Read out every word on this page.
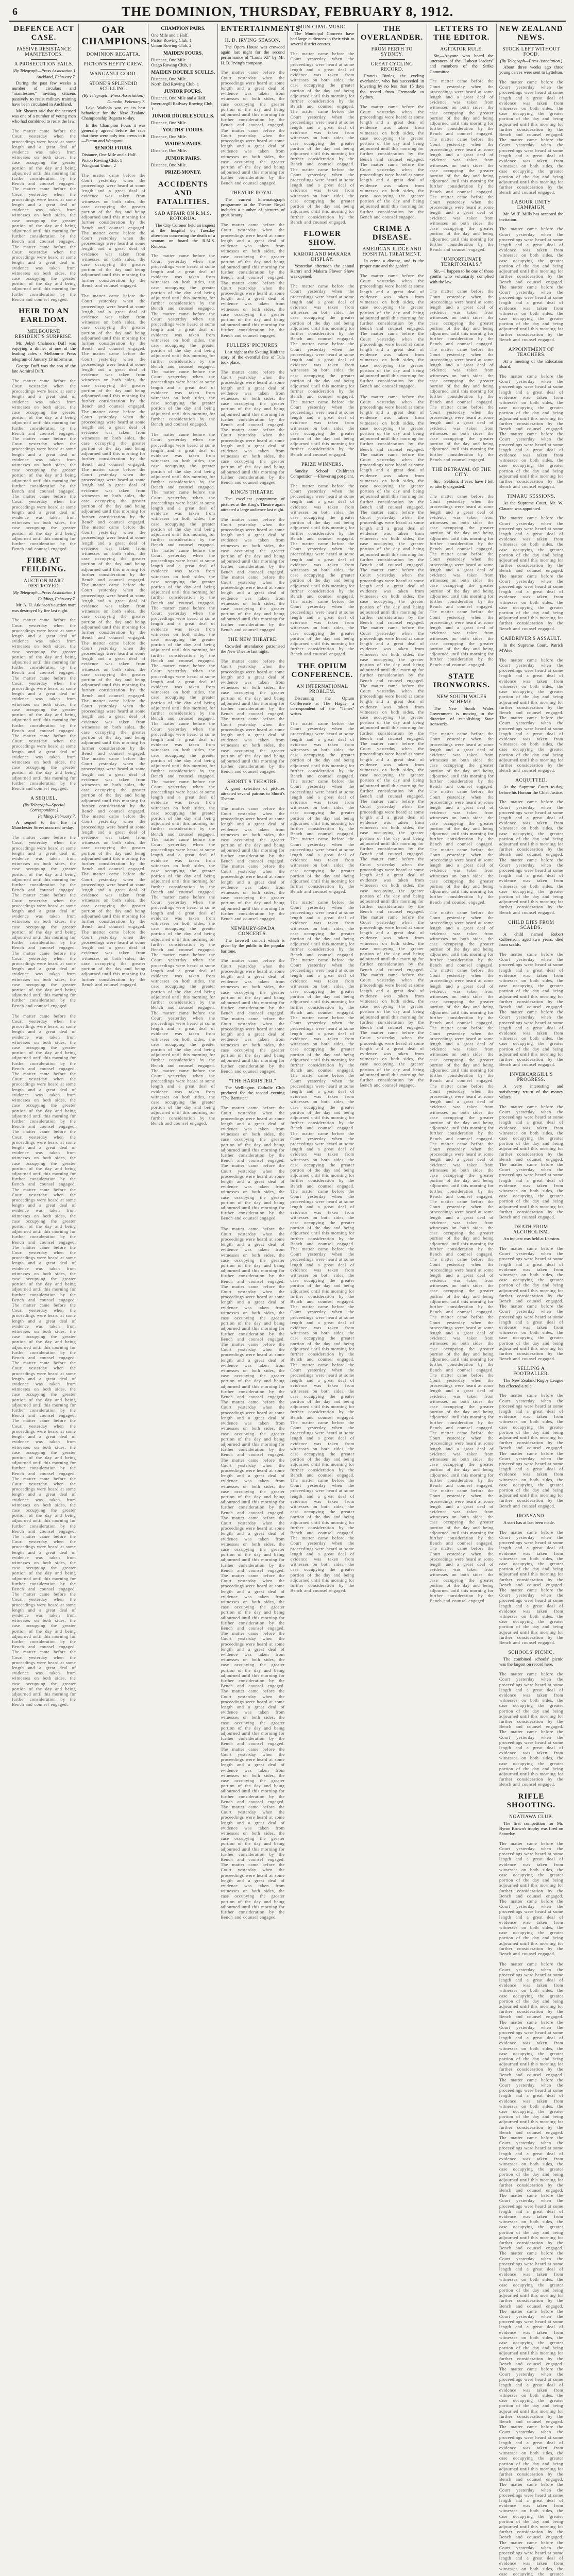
6	THE DOMINION, THURSDAY, FEBRUARY 8, 1912.
DEFENCE ACT CASE.
PASSIVE RESISTANCE MANIFESTOES.
A PROSECUTION FAILS.
(By Telegraph—Press Association.)
Auckland, February 7.

During the past few weeks a number of circulars and "manifestoes" inviting citizens passively to resist military training have been circulated in Auckland.

Mr. Shearer said that the accused was one of a number of young men who had combined to resist the law.

The matter came before the Court yesterday when the proceedings were heard at some length and a great deal of evidence was taken from witnesses on both sides, the case occupying the greater portion of the day and being adjourned until this morning for further consideration by the Bench and counsel engaged. The matter came before the Court yesterday when the proceedings were heard at some length and a great deal of evidence was taken from witnesses on both sides, the case occupying the greater portion of the day and being adjourned until this morning for further consideration by the Bench and counsel engaged. The matter came before the Court yesterday when the proceedings were heard at some length and a great deal of evidence was taken from witnesses on both sides, the case occupying the greater portion of the day and being adjourned until this morning for further consideration by the Bench and counsel engaged.

HEIR TO AN EARLDOM.
MELBOURNE RESIDENT'S SURPRISE.

Mr. Jekyl Chalmers Duff was enjoying a dinner at one of the leading cafes a Melbourne Press telegram of January 13 informs us.

George Duff was the son of the late Admiral Duff.

The matter came before the Court yesterday when the proceedings were heard at some length and a great deal of evidence was taken from witnesses on both sides, the case occupying the greater portion of the day and being adjourned until this morning for further consideration by the Bench and counsel engaged. The matter came before the Court yesterday when the proceedings were heard at some length and a great deal of evidence was taken from witnesses on both sides, the case occupying the greater portion of the day and being adjourned until this morning for further consideration by the Bench and counsel engaged. The matter came before the Court yesterday when the proceedings were heard at some length and a great deal of evidence was taken from witnesses on both sides, the case occupying the greater portion of the day and being adjourned until this morning for further consideration by the Bench and counsel engaged.

FIRE AT FEILDING.
AUCTION MART DESTROYED.
(By Telegraph—Press Association.)
Feilding, February 7.

Mr. A. H. Atkinson's auction mart was destroyed by fire last night.

The matter came before the Court yesterday when the proceedings were heard at some length and a great deal of evidence was taken from witnesses on both sides, the case occupying the greater portion of the day and being adjourned until this morning for further consideration by the Bench and counsel engaged. The matter came before the Court yesterday when the proceedings were heard at some length and a great deal of evidence was taken from witnesses on both sides, the case occupying the greater portion of the day and being adjourned until this morning for further consideration by the Bench and counsel engaged. The matter came before the Court yesterday when the proceedings were heard at some length and a great deal of evidence was taken from witnesses on both sides, the case occupying the greater portion of the day and being adjourned until this morning for further consideration by the Bench and counsel engaged.

A SEQUEL.
(By Telegraph—Special Correspondent.)
Feilding, February 7.

A sequel to the fire in Manchester Street occurred to-day.

The matter came before the Court yesterday when the proceedings were heard at some length and a great deal of evidence was taken from witnesses on both sides, the case occupying the greater portion of the day and being adjourned until this morning for further consideration by the Bench and counsel engaged. The matter came before the Court yesterday when the proceedings were heard at some length and a great deal of evidence was taken from witnesses on both sides, the case occupying the greater portion of the day and being adjourned until this morning for further consideration by the Bench and counsel engaged. The matter came before the Court yesterday when the proceedings were heard at some length and a great deal of evidence was taken from witnesses on both sides, the case occupying the greater portion of the day and being adjourned until this morning for further consideration by the Bench and counsel engaged.

The matter came before the Court yesterday when the proceedings were heard at some length and a great deal of evidence was taken from witnesses on both sides, the case occupying the greater portion of the day and being adjourned until this morning for further consideration by the Bench and counsel engaged. The matter came before the Court yesterday when the proceedings were heard at some length and a great deal of evidence was taken from witnesses on both sides, the case occupying the greater portion of the day and being adjourned until this morning for further consideration by the Bench and counsel engaged. The matter came before the Court yesterday when the proceedings were heard at some length and a great deal of evidence was taken from witnesses on both sides, the case occupying the greater portion of the day and being adjourned until this morning for further consideration by the Bench and counsel engaged. The matter came before the Court yesterday when the proceedings were heard at some length and a great deal of evidence was taken from witnesses on both sides, the case occupying the greater portion of the day and being adjourned until this morning for further consideration by the Bench and counsel engaged. The matter came before the Court yesterday when the proceedings were heard at some length and a great deal of evidence was taken from witnesses on both sides, the case occupying the greater portion of the day and being adjourned until this morning for further consideration by the Bench and counsel engaged. The matter came before the Court yesterday when the proceedings were heard at some length and a great deal of evidence was taken from witnesses on both sides, the case occupying the greater portion of the day and being adjourned until this morning for further consideration by the Bench and counsel engaged. The matter came before the Court yesterday when the proceedings were heard at some length and a great deal of evidence was taken from witnesses on both sides, the case occupying the greater portion of the day and being adjourned until this morning for further consideration by the Bench and counsel engaged. The matter came before the Court yesterday when the proceedings were heard at some length and a great deal of evidence was taken from witnesses on both sides, the case occupying the greater portion of the day and being adjourned until this morning for further consideration by the Bench and counsel engaged. The matter came before the Court yesterday when the proceedings were heard at some length and a great deal of evidence was taken from witnesses on both sides, the case occupying the greater portion of the day and being adjourned until this morning for further consideration by the Bench and counsel engaged. The matter came before the Court yesterday when the proceedings were heard at some length and a great deal of evidence was taken from witnesses on both sides, the case occupying the greater portion of the day and being adjourned until this morning for further consideration by the Bench and counsel engaged. The matter came before the Court yesterday when the proceedings were heard at some length and a great deal of evidence was taken from witnesses on both sides, the case occupying the greater portion of the day and being adjourned until this morning for further consideration by the Bench and counsel engaged. The matter came before the Court yesterday when the proceedings were heard at some length and a great deal of evidence was taken from witnesses on both sides, the case occupying the greater portion of the day and being adjourned until this morning for further consideration by the Bench and counsel engaged.

OAR CHAMPIONS.
DOMINION REGATTA.
PICTON'S HEFTY CREW.
WANGANUI GOOD.
STONE'S SPLENDID SCULLING.
(By Telegraph—Press Association.)
Dunedin, February 7.

Lake Waihola was on its best behaviour for the New Zealand Championship Regatta to-day.

In the Champion Fours it was generally agreed before the race that there were only two crews in it—Picton and Wanganui.

SENIOR FOURS.
Distance, One Mile and a Half.
Picton Rowing Club, 1
Wanganui Union, 2

The matter came before the Court yesterday when the proceedings were heard at some length and a great deal of evidence was taken from witnesses on both sides, the case occupying the greater portion of the day and being adjourned until this morning for further consideration by the Bench and counsel engaged. The matter came before the Court yesterday when the proceedings were heard at some length and a great deal of evidence was taken from witnesses on both sides, the case occupying the greater portion of the day and being adjourned until this morning for further consideration by the Bench and counsel engaged.

The matter came before the Court yesterday when the proceedings were heard at some length and a great deal of evidence was taken from witnesses on both sides, the case occupying the greater portion of the day and being adjourned until this morning for further consideration by the Bench and counsel engaged. The matter came before the Court yesterday when the proceedings were heard at some length and a great deal of evidence was taken from witnesses on both sides, the case occupying the greater portion of the day and being adjourned until this morning for further consideration by the Bench and counsel engaged. The matter came before the Court yesterday when the proceedings were heard at some length and a great deal of evidence was taken from witnesses on both sides, the case occupying the greater portion of the day and being adjourned until this morning for further consideration by the Bench and counsel engaged. The matter came before the Court yesterday when the proceedings were heard at some length and a great deal of evidence was taken from witnesses on both sides, the case occupying the greater portion of the day and being adjourned until this morning for further consideration by the Bench and counsel engaged. The matter came before the Court yesterday when the proceedings were heard at some length and a great deal of evidence was taken from witnesses on both sides, the case occupying the greater portion of the day and being adjourned until this morning for further consideration by the Bench and counsel engaged. The matter came before the Court yesterday when the proceedings were heard at some length and a great deal of evidence was taken from witnesses on both sides, the case occupying the greater portion of the day and being adjourned until this morning for further consideration by the Bench and counsel engaged. The matter came before the Court yesterday when the proceedings were heard at some length and a great deal of evidence was taken from witnesses on both sides, the case occupying the greater portion of the day and being adjourned until this morning for further consideration by the Bench and counsel engaged. The matter came before the Court yesterday when the proceedings were heard at some length and a great deal of evidence was taken from witnesses on both sides, the case occupying the greater portion of the day and being adjourned until this morning for further consideration by the Bench and counsel engaged. The matter came before the Court yesterday when the proceedings were heard at some length and a great deal of evidence was taken from witnesses on both sides, the case occupying the greater portion of the day and being adjourned until this morning for further consideration by the Bench and counsel engaged. The matter came before the Court yesterday when the proceedings were heard at some length and a great deal of evidence was taken from witnesses on both sides, the case occupying the greater portion of the day and being adjourned until this morning for further consideration by the Bench and counsel engaged. The matter came before the Court yesterday when the proceedings were heard at some length and a great deal of evidence was taken from witnesses on both sides, the case occupying the greater portion of the day and being adjourned until this morning for further consideration by the Bench and counsel engaged. The matter came before the Court yesterday when the proceedings were heard at some length and a great deal of evidence was taken from witnesses on both sides, the case occupying the greater portion of the day and being adjourned until this morning for further consideration by the Bench and counsel engaged.

CHAMPION PAIRS.
One Mile and a Half.
Picton Rowing Club, 1
Union Rowing Club, 2
MAIDEN FOURS.
Distance, One Mile.
Otago Rowing Club, 1
MAIDEN DOUBLE SCULLS.
Distance, One Mile.
North End Rowing Club, 1
JUNIOR FOURS.
Distance, One Mile and a Half.
Invercargill Railway Rowing Club, 1
JUNIOR DOUBLE SCULLS.
Distance, One Mile.
YOUTHS' FOURS.
Distance, One Mile.
MAIDEN PAIRS.
Distance, One Mile.
JUNIOR PAIRS.
Distance, One Mile.
PRIZE-MONEY.
ACCIDENTS AND FATALITIES.
SAD AFFAIR ON R.M.S. ROTORUA.

The City Coroner held an inquest at the hospital on Tuesday afternoon concerning the death of a seaman on board the R.M.S. Rotorua.

The matter came before the Court yesterday when the proceedings were heard at some length and a great deal of evidence was taken from witnesses on both sides, the case occupying the greater portion of the day and being adjourned until this morning for further consideration by the Bench and counsel engaged. The matter came before the Court yesterday when the proceedings were heard at some length and a great deal of evidence was taken from witnesses on both sides, the case occupying the greater portion of the day and being adjourned until this morning for further consideration by the Bench and counsel engaged. The matter came before the Court yesterday when the proceedings were heard at some length and a great deal of evidence was taken from witnesses on both sides, the case occupying the greater portion of the day and being adjourned until this morning for further consideration by the Bench and counsel engaged.

The matter came before the Court yesterday when the proceedings were heard at some length and a great deal of evidence was taken from witnesses on both sides, the case occupying the greater portion of the day and being adjourned until this morning for further consideration by the Bench and counsel engaged. The matter came before the Court yesterday when the proceedings were heard at some length and a great deal of evidence was taken from witnesses on both sides, the case occupying the greater portion of the day and being adjourned until this morning for further consideration by the Bench and counsel engaged. The matter came before the Court yesterday when the proceedings were heard at some length and a great deal of evidence was taken from witnesses on both sides, the case occupying the greater portion of the day and being adjourned until this morning for further consideration by the Bench and counsel engaged. The matter came before the Court yesterday when the proceedings were heard at some length and a great deal of evidence was taken from witnesses on both sides, the case occupying the greater portion of the day and being adjourned until this morning for further consideration by the Bench and counsel engaged. The matter came before the Court yesterday when the proceedings were heard at some length and a great deal of evidence was taken from witnesses on both sides, the case occupying the greater portion of the day and being adjourned until this morning for further consideration by the Bench and counsel engaged. The matter came before the Court yesterday when the proceedings were heard at some length and a great deal of evidence was taken from witnesses on both sides, the case occupying the greater portion of the day and being adjourned until this morning for further consideration by the Bench and counsel engaged. The matter came before the Court yesterday when the proceedings were heard at some length and a great deal of evidence was taken from witnesses on both sides, the case occupying the greater portion of the day and being adjourned until this morning for further consideration by the Bench and counsel engaged. The matter came before the Court yesterday when the proceedings were heard at some length and a great deal of evidence was taken from witnesses on both sides, the case occupying the greater portion of the day and being adjourned until this morning for further consideration by the Bench and counsel engaged. The matter came before the Court yesterday when the proceedings were heard at some length and a great deal of evidence was taken from witnesses on both sides, the case occupying the greater portion of the day and being adjourned until this morning for further consideration by the Bench and counsel engaged. The matter came before the Court yesterday when the proceedings were heard at some length and a great deal of evidence was taken from witnesses on both sides, the case occupying the greater portion of the day and being adjourned until this morning for further consideration by the Bench and counsel engaged. The matter came before the Court yesterday when the proceedings were heard at some length and a great deal of evidence was taken from witnesses on both sides, the case occupying the greater portion of the day and being adjourned until this morning for further consideration by the Bench and counsel engaged. The matter came before the Court yesterday when the proceedings were heard at some length and a great deal of evidence was taken from witnesses on both sides, the case occupying the greater portion of the day and being adjourned until this morning for further consideration by the Bench and counsel engaged.

ENTERTAINMENTS.
H. D. IRVING SEASON.

The Opera House was crowded again last night for the second performance of "Louis XI" by Mr. H. B. Irving's company.

The matter came before the Court yesterday when the proceedings were heard at some length and a great deal of evidence was taken from witnesses on both sides, the case occupying the greater portion of the day and being adjourned until this morning for further consideration by the Bench and counsel engaged. The matter came before the Court yesterday when the proceedings were heard at some length and a great deal of evidence was taken from witnesses on both sides, the case occupying the greater portion of the day and being adjourned until this morning for further consideration by the Bench and counsel engaged.

THEATRE ROYAL.

The current kinematograph programme at the Theatre Royal includes a number of pictures of great beauty.

The matter came before the Court yesterday when the proceedings were heard at some length and a great deal of evidence was taken from witnesses on both sides, the case occupying the greater portion of the day and being adjourned until this morning for further consideration by the Bench and counsel engaged. The matter came before the Court yesterday when the proceedings were heard at some length and a great deal of evidence was taken from witnesses on both sides, the case occupying the greater portion of the day and being adjourned until this morning for further consideration by the Bench and counsel engaged.

FULLERS' PICTURES.

Last night at the Skating Rink the story of the eventful fate of Tula took place.

The matter came before the Court yesterday when the proceedings were heard at some length and a great deal of evidence was taken from witnesses on both sides, the case occupying the greater portion of the day and being adjourned until this morning for further consideration by the Bench and counsel engaged. The matter came before the Court yesterday when the proceedings were heard at some length and a great deal of evidence was taken from witnesses on both sides, the case occupying the greater portion of the day and being adjourned until this morning for further consideration by the Bench and counsel engaged.

KING'S THEATRE.

The excellent programme of pictures at the King's Theatre again attracted a large audience last night.

The matter came before the Court yesterday when the proceedings were heard at some length and a great deal of evidence was taken from witnesses on both sides, the case occupying the greater portion of the day and being adjourned until this morning for further consideration by the Bench and counsel engaged. The matter came before the Court yesterday when the proceedings were heard at some length and a great deal of evidence was taken from witnesses on both sides, the case occupying the greater portion of the day and being adjourned until this morning for further consideration by the Bench and counsel engaged.

THE NEW THEATRE.

Crowded attendance patronised the New Theatre last night.

The matter came before the Court yesterday when the proceedings were heard at some length and a great deal of evidence was taken from witnesses on both sides, the case occupying the greater portion of the day and being adjourned until this morning for further consideration by the Bench and counsel engaged. The matter came before the Court yesterday when the proceedings were heard at some length and a great deal of evidence was taken from witnesses on both sides, the case occupying the greater portion of the day and being adjourned until this morning for further consideration by the Bench and counsel engaged.

SHORTT'S THEATRE.

A good selection of pictures attracted several patrons to Shortt's Theatre.

The matter came before the Court yesterday when the proceedings were heard at some length and a great deal of evidence was taken from witnesses on both sides, the case occupying the greater portion of the day and being adjourned until this morning for further consideration by the Bench and counsel engaged. The matter came before the Court yesterday when the proceedings were heard at some length and a great deal of evidence was taken from witnesses on both sides, the case occupying the greater portion of the day and being adjourned until this morning for further consideration by the Bench and counsel engaged.

NEWBURY-SPADA CONCERTS.

The farewell concert which is given by the public to the popular baritone.

The matter came before the Court yesterday when the proceedings were heard at some length and a great deal of evidence was taken from witnesses on both sides, the case occupying the greater portion of the day and being adjourned until this morning for further consideration by the Bench and counsel engaged. The matter came before the Court yesterday when the proceedings were heard at some length and a great deal of evidence was taken from witnesses on both sides, the case occupying the greater portion of the day and being adjourned until this morning for further consideration by the Bench and counsel engaged.

"THE HARRISTER."

The Wellington Catholic Club produced for the second evening "The Barrister."

The matter came before the Court yesterday when the proceedings were heard at some length and a great deal of evidence was taken from witnesses on both sides, the case occupying the greater portion of the day and being adjourned until this morning for further consideration by the Bench and counsel engaged. The matter came before the Court yesterday when the proceedings were heard at some length and a great deal of evidence was taken from witnesses on both sides, the case occupying the greater portion of the day and being adjourned until this morning for further consideration by the Bench and counsel engaged.

The matter came before the Court yesterday when the proceedings were heard at some length and a great deal of evidence was taken from witnesses on both sides, the case occupying the greater portion of the day and being adjourned until this morning for further consideration by the Bench and counsel engaged. The matter came before the Court yesterday when the proceedings were heard at some length and a great deal of evidence was taken from witnesses on both sides, the case occupying the greater portion of the day and being adjourned until this morning for further consideration by the Bench and counsel engaged. The matter came before the Court yesterday when the proceedings were heard at some length and a great deal of evidence was taken from witnesses on both sides, the case occupying the greater portion of the day and being adjourned until this morning for further consideration by the Bench and counsel engaged. The matter came before the Court yesterday when the proceedings were heard at some length and a great deal of evidence was taken from witnesses on both sides, the case occupying the greater portion of the day and being adjourned until this morning for further consideration by the Bench and counsel engaged. The matter came before the Court yesterday when the proceedings were heard at some length and a great deal of evidence was taken from witnesses on both sides, the case occupying the greater portion of the day and being adjourned until this morning for further consideration by the Bench and counsel engaged. The matter came before the Court yesterday when the proceedings were heard at some length and a great deal of evidence was taken from witnesses on both sides, the case occupying the greater portion of the day and being adjourned until this morning for further consideration by the Bench and counsel engaged. The matter came before the Court yesterday when the proceedings were heard at some length and a great deal of evidence was taken from witnesses on both sides, the case occupying the greater portion of the day and being adjourned until this morning for further consideration by the Bench and counsel engaged. The matter came before the Court yesterday when the proceedings were heard at some length and a great deal of evidence was taken from witnesses on both sides, the case occupying the greater portion of the day and being adjourned until this morning for further consideration by the Bench and counsel engaged. The matter came before the Court yesterday when the proceedings were heard at some length and a great deal of evidence was taken from witnesses on both sides, the case occupying the greater portion of the day and being adjourned until this morning for further consideration by the Bench and counsel engaged. The matter came before the Court yesterday when the proceedings were heard at some length and a great deal of evidence was taken from witnesses on both sides, the case occupying the greater portion of the day and being adjourned until this morning for further consideration by the Bench and counsel engaged. The matter came before the Court yesterday when the proceedings were heard at some length and a great deal of evidence was taken from witnesses on both sides, the case occupying the greater portion of the day and being adjourned until this morning for further consideration by the Bench and counsel engaged. The matter came before the Court yesterday when the proceedings were heard at some length and a great deal of evidence was taken from witnesses on both sides, the case occupying the greater portion of the day and being adjourned until this morning for further consideration by the Bench and counsel engaged.

MUNICIPAL MUSIC.

The Municipal Concerts have had large audiences in their visit to several district centres.

The matter came before the Court yesterday when the proceedings were heard at some length and a great deal of evidence was taken from witnesses on both sides, the case occupying the greater portion of the day and being adjourned until this morning for further consideration by the Bench and counsel engaged. The matter came before the Court yesterday when the proceedings were heard at some length and a great deal of evidence was taken from witnesses on both sides, the case occupying the greater portion of the day and being adjourned until this morning for further consideration by the Bench and counsel engaged. The matter came before the Court yesterday when the proceedings were heard at some length and a great deal of evidence was taken from witnesses on both sides, the case occupying the greater portion of the day and being adjourned until this morning for further consideration by the Bench and counsel engaged.

FLOWER SHOW.
KARORI AND MAKARA DISPLAY.

Yesterday afternoon the annual Karori and Makara Flower Show was opened.

The matter came before the Court yesterday when the proceedings were heard at some length and a great deal of evidence was taken from witnesses on both sides, the case occupying the greater portion of the day and being adjourned until this morning for further consideration by the Bench and counsel engaged. The matter came before the Court yesterday when the proceedings were heard at some length and a great deal of evidence was taken from witnesses on both sides, the case occupying the greater portion of the day and being adjourned until this morning for further consideration by the Bench and counsel engaged. The matter came before the Court yesterday when the proceedings were heard at some length and a great deal of evidence was taken from witnesses on both sides, the case occupying the greater portion of the day and being adjourned until this morning for further consideration by the Bench and counsel engaged.

PRIZE WINNERS.

Sunday School Children's Competition.—Flowering pot plant.

The matter came before the Court yesterday when the proceedings were heard at some length and a great deal of evidence was taken from witnesses on both sides, the case occupying the greater portion of the day and being adjourned until this morning for further consideration by the Bench and counsel engaged. The matter came before the Court yesterday when the proceedings were heard at some length and a great deal of evidence was taken from witnesses on both sides, the case occupying the greater portion of the day and being adjourned until this morning for further consideration by the Bench and counsel engaged. The matter came before the Court yesterday when the proceedings were heard at some length and a great deal of evidence was taken from witnesses on both sides, the case occupying the greater portion of the day and being adjourned until this morning for further consideration by the Bench and counsel engaged.

THE OPIUM CONFERENCE.
AN INTERNATIONAL PROBLEM.

Discussing the Opium Conference at The Hague, a correspondent of the "Times" writes.

The matter came before the Court yesterday when the proceedings were heard at some length and a great deal of evidence was taken from witnesses on both sides, the case occupying the greater portion of the day and being adjourned until this morning for further consideration by the Bench and counsel engaged. The matter came before the Court yesterday when the proceedings were heard at some length and a great deal of evidence was taken from witnesses on both sides, the case occupying the greater portion of the day and being adjourned until this morning for further consideration by the Bench and counsel engaged. The matter came before the Court yesterday when the proceedings were heard at some length and a great deal of evidence was taken from witnesses on both sides, the case occupying the greater portion of the day and being adjourned until this morning for further consideration by the Bench and counsel engaged.

The matter came before the Court yesterday when the proceedings were heard at some length and a great deal of evidence was taken from witnesses on both sides, the case occupying the greater portion of the day and being adjourned until this morning for further consideration by the Bench and counsel engaged. The matter came before the Court yesterday when the proceedings were heard at some length and a great deal of evidence was taken from witnesses on both sides, the case occupying the greater portion of the day and being adjourned until this morning for further consideration by the Bench and counsel engaged. The matter came before the Court yesterday when the proceedings were heard at some length and a great deal of evidence was taken from witnesses on both sides, the case occupying the greater portion of the day and being adjourned until this morning for further consideration by the Bench and counsel engaged. The matter came before the Court yesterday when the proceedings were heard at some length and a great deal of evidence was taken from witnesses on both sides, the case occupying the greater portion of the day and being adjourned until this morning for further consideration by the Bench and counsel engaged. The matter came before the Court yesterday when the proceedings were heard at some length and a great deal of evidence was taken from witnesses on both sides, the case occupying the greater portion of the day and being adjourned until this morning for further consideration by the Bench and counsel engaged. The matter came before the Court yesterday when the proceedings were heard at some length and a great deal of evidence was taken from witnesses on both sides, the case occupying the greater portion of the day and being adjourned until this morning for further consideration by the Bench and counsel engaged. The matter came before the Court yesterday when the proceedings were heard at some length and a great deal of evidence was taken from witnesses on both sides, the case occupying the greater portion of the day and being adjourned until this morning for further consideration by the Bench and counsel engaged. The matter came before the Court yesterday when the proceedings were heard at some length and a great deal of evidence was taken from witnesses on both sides, the case occupying the greater portion of the day and being adjourned until this morning for further consideration by the Bench and counsel engaged. The matter came before the Court yesterday when the proceedings were heard at some length and a great deal of evidence was taken from witnesses on both sides, the case occupying the greater portion of the day and being adjourned until this morning for further consideration by the Bench and counsel engaged. The matter came before the Court yesterday when the proceedings were heard at some length and a great deal of evidence was taken from witnesses on both sides, the case occupying the greater portion of the day and being adjourned until this morning for further consideration by the Bench and counsel engaged. The matter came before the Court yesterday when the proceedings were heard at some length and a great deal of evidence was taken from witnesses on both sides, the case occupying the greater portion of the day and being adjourned until this morning for further consideration by the Bench and counsel engaged. The matter came before the Court yesterday when the proceedings were heard at some length and a great deal of evidence was taken from witnesses on both sides, the case occupying the greater portion of the day and being adjourned until this morning for further consideration by the Bench and counsel engaged.

THE OVERLANDER.
FROM PERTH TO SYDNEY.
GREAT CYCLING RECORD.

Francis Birtles, the cycling overlander, who has succeeded in lowering by no less than 15 days the record from Fremantle to Sydney.

The matter came before the Court yesterday when the proceedings were heard at some length and a great deal of evidence was taken from witnesses on both sides, the case occupying the greater portion of the day and being adjourned until this morning for further consideration by the Bench and counsel engaged. The matter came before the Court yesterday when the proceedings were heard at some length and a great deal of evidence was taken from witnesses on both sides, the case occupying the greater portion of the day and being adjourned until this morning for further consideration by the Bench and counsel engaged.

CRIME A DISEASE.
AMERICAN JUDGE AND HOSPITAL TREATMENT.

In crime a disease, and is the proper cure and the gaoler?

The matter came before the Court yesterday when the proceedings were heard at some length and a great deal of evidence was taken from witnesses on both sides, the case occupying the greater portion of the day and being adjourned until this morning for further consideration by the Bench and counsel engaged. The matter came before the Court yesterday when the proceedings were heard at some length and a great deal of evidence was taken from witnesses on both sides, the case occupying the greater portion of the day and being adjourned until this morning for further consideration by the Bench and counsel engaged.

The matter came before the Court yesterday when the proceedings were heard at some length and a great deal of evidence was taken from witnesses on both sides, the case occupying the greater portion of the day and being adjourned until this morning for further consideration by the Bench and counsel engaged. The matter came before the Court yesterday when the proceedings were heard at some length and a great deal of evidence was taken from witnesses on both sides, the case occupying the greater portion of the day and being adjourned until this morning for further consideration by the Bench and counsel engaged. The matter came before the Court yesterday when the proceedings were heard at some length and a great deal of evidence was taken from witnesses on both sides, the case occupying the greater portion of the day and being adjourned until this morning for further consideration by the Bench and counsel engaged. The matter came before the Court yesterday when the proceedings were heard at some length and a great deal of evidence was taken from witnesses on both sides, the case occupying the greater portion of the day and being adjourned until this morning for further consideration by the Bench and counsel engaged. The matter came before the Court yesterday when the proceedings were heard at some length and a great deal of evidence was taken from witnesses on both sides, the case occupying the greater portion of the day and being adjourned until this morning for further consideration by the Bench and counsel engaged. The matter came before the Court yesterday when the proceedings were heard at some length and a great deal of evidence was taken from witnesses on both sides, the case occupying the greater portion of the day and being adjourned until this morning for further consideration by the Bench and counsel engaged. The matter came before the Court yesterday when the proceedings were heard at some length and a great deal of evidence was taken from witnesses on both sides, the case occupying the greater portion of the day and being adjourned until this morning for further consideration by the Bench and counsel engaged. The matter came before the Court yesterday when the proceedings were heard at some length and a great deal of evidence was taken from witnesses on both sides, the case occupying the greater portion of the day and being adjourned until this morning for further consideration by the Bench and counsel engaged. The matter came before the Court yesterday when the proceedings were heard at some length and a great deal of evidence was taken from witnesses on both sides, the case occupying the greater portion of the day and being adjourned until this morning for further consideration by the Bench and counsel engaged. The matter came before the Court yesterday when the proceedings were heard at some length and a great deal of evidence was taken from witnesses on both sides, the case occupying the greater portion of the day and being adjourned until this morning for further consideration by the Bench and counsel engaged. The matter came before the Court yesterday when the proceedings were heard at some length and a great deal of evidence was taken from witnesses on both sides, the case occupying the greater portion of the day and being adjourned until this morning for further consideration by the Bench and counsel engaged. The matter came before the Court yesterday when the proceedings were heard at some length and a great deal of evidence was taken from witnesses on both sides, the case occupying the greater portion of the day and being adjourned until this morning for further consideration by the Bench and counsel engaged.

LETTERS TO THE EDITOR.
AGITATOR RULE.

Sir,—Anyone who heard the utterances of the "Labour leaders" and members of the Strike Committee.

The matter came before the Court yesterday when the proceedings were heard at some length and a great deal of evidence was taken from witnesses on both sides, the case occupying the greater portion of the day and being adjourned until this morning for further consideration by the Bench and counsel engaged. The matter came before the Court yesterday when the proceedings were heard at some length and a great deal of evidence was taken from witnesses on both sides, the case occupying the greater portion of the day and being adjourned until this morning for further consideration by the Bench and counsel engaged. The matter came before the Court yesterday when the proceedings were heard at some length and a great deal of evidence was taken from witnesses on both sides, the case occupying the greater portion of the day and being adjourned until this morning for further consideration by the Bench and counsel engaged.

"UNFORTUNATE TERRITORIALS."

Sir,—I happen to be one of those youths who voluntarily complied with the law.

The matter came before the Court yesterday when the proceedings were heard at some length and a great deal of evidence was taken from witnesses on both sides, the case occupying the greater portion of the day and being adjourned until this morning for further consideration by the Bench and counsel engaged. The matter came before the Court yesterday when the proceedings were heard at some length and a great deal of evidence was taken from witnesses on both sides, the case occupying the greater portion of the day and being adjourned until this morning for further consideration by the Bench and counsel engaged. The matter came before the Court yesterday when the proceedings were heard at some length and a great deal of evidence was taken from witnesses on both sides, the case occupying the greater portion of the day and being adjourned until this morning for further consideration by the Bench and counsel engaged.

THE BETRAYAL OF THE CITY.

Sir,—Seldom, if ever, have I felt so utterly disgusted.

The matter came before the Court yesterday when the proceedings were heard at some length and a great deal of evidence was taken from witnesses on both sides, the case occupying the greater portion of the day and being adjourned until this morning for further consideration by the Bench and counsel engaged. The matter came before the Court yesterday when the proceedings were heard at some length and a great deal of evidence was taken from witnesses on both sides, the case occupying the greater portion of the day and being adjourned until this morning for further consideration by the Bench and counsel engaged. The matter came before the Court yesterday when the proceedings were heard at some length and a great deal of evidence was taken from witnesses on both sides, the case occupying the greater portion of the day and being adjourned until this morning for further consideration by the Bench and counsel engaged.

STATE IRONWORKS.
NEW SOUTH WALES SCHEME.

The New South Wales Government is moving in the direction of establishing State ironworks.

The matter came before the Court yesterday when the proceedings were heard at some length and a great deal of evidence was taken from witnesses on both sides, the case occupying the greater portion of the day and being adjourned until this morning for further consideration by the Bench and counsel engaged. The matter came before the Court yesterday when the proceedings were heard at some length and a great deal of evidence was taken from witnesses on both sides, the case occupying the greater portion of the day and being adjourned until this morning for further consideration by the Bench and counsel engaged. The matter came before the Court yesterday when the proceedings were heard at some length and a great deal of evidence was taken from witnesses on both sides, the case occupying the greater portion of the day and being adjourned until this morning for further consideration by the Bench and counsel engaged.

The matter came before the Court yesterday when the proceedings were heard at some length and a great deal of evidence was taken from witnesses on both sides, the case occupying the greater portion of the day and being adjourned until this morning for further consideration by the Bench and counsel engaged. The matter came before the Court yesterday when the proceedings were heard at some length and a great deal of evidence was taken from witnesses on both sides, the case occupying the greater portion of the day and being adjourned until this morning for further consideration by the Bench and counsel engaged. The matter came before the Court yesterday when the proceedings were heard at some length and a great deal of evidence was taken from witnesses on both sides, the case occupying the greater portion of the day and being adjourned until this morning for further consideration by the Bench and counsel engaged. The matter came before the Court yesterday when the proceedings were heard at some length and a great deal of evidence was taken from witnesses on both sides, the case occupying the greater portion of the day and being adjourned until this morning for further consideration by the Bench and counsel engaged. The matter came before the Court yesterday when the proceedings were heard at some length and a great deal of evidence was taken from witnesses on both sides, the case occupying the greater portion of the day and being adjourned until this morning for further consideration by the Bench and counsel engaged. The matter came before the Court yesterday when the proceedings were heard at some length and a great deal of evidence was taken from witnesses on both sides, the case occupying the greater portion of the day and being adjourned until this morning for further consideration by the Bench and counsel engaged. The matter came before the Court yesterday when the proceedings were heard at some length and a great deal of evidence was taken from witnesses on both sides, the case occupying the greater portion of the day and being adjourned until this morning for further consideration by the Bench and counsel engaged. The matter came before the Court yesterday when the proceedings were heard at some length and a great deal of evidence was taken from witnesses on both sides, the case occupying the greater portion of the day and being adjourned until this morning for further consideration by the Bench and counsel engaged. The matter came before the Court yesterday when the proceedings were heard at some length and a great deal of evidence was taken from witnesses on both sides, the case occupying the greater portion of the day and being adjourned until this morning for further consideration by the Bench and counsel engaged. The matter came before the Court yesterday when the proceedings were heard at some length and a great deal of evidence was taken from witnesses on both sides, the case occupying the greater portion of the day and being adjourned until this morning for further consideration by the Bench and counsel engaged. The matter came before the Court yesterday when the proceedings were heard at some length and a great deal of evidence was taken from witnesses on both sides, the case occupying the greater portion of the day and being adjourned until this morning for further consideration by the Bench and counsel engaged. The matter came before the Court yesterday when the proceedings were heard at some length and a great deal of evidence was taken from witnesses on both sides, the case occupying the greater portion of the day and being adjourned until this morning for further consideration by the Bench and counsel engaged.

NEW ZEALAND NEWS.
STOCK LEFT WITHOUT FOOD.
(By Telegraph—Press Association.)

About three weeks ago three young calves were sent to Lyttelton.

The matter came before the Court yesterday when the proceedings were heard at some length and a great deal of evidence was taken from witnesses on both sides, the case occupying the greater portion of the day and being adjourned until this morning for further consideration by the Bench and counsel engaged. The matter came before the Court yesterday when the proceedings were heard at some length and a great deal of evidence was taken from witnesses on both sides, the case occupying the greater portion of the day and being adjourned until this morning for further consideration by the Bench and counsel engaged.

LABOUR UNITY CAMPAIGN.

Mr. W. T. Mills has accepted the invitation.

The matter came before the Court yesterday when the proceedings were heard at some length and a great deal of evidence was taken from witnesses on both sides, the case occupying the greater portion of the day and being adjourned until this morning for further consideration by the Bench and counsel engaged. The matter came before the Court yesterday when the proceedings were heard at some length and a great deal of evidence was taken from witnesses on both sides, the case occupying the greater portion of the day and being adjourned until this morning for further consideration by the Bench and counsel engaged.

APPOINTMENT OF TEACHERS.

At a meeting of the Education Board.

The matter came before the Court yesterday when the proceedings were heard at some length and a great deal of evidence was taken from witnesses on both sides, the case occupying the greater portion of the day and being adjourned until this morning for further consideration by the Bench and counsel engaged. The matter came before the Court yesterday when the proceedings were heard at some length and a great deal of evidence was taken from witnesses on both sides, the case occupying the greater portion of the day and being adjourned until this morning for further consideration by the Bench and counsel engaged.

TIMARU SESSIONS.

At the Supreme Court, Mr. W. Clausen was appointed.

The matter came before the Court yesterday when the proceedings were heard at some length and a great deal of evidence was taken from witnesses on both sides, the case occupying the greater portion of the day and being adjourned until this morning for further consideration by the Bench and counsel engaged. The matter came before the Court yesterday when the proceedings were heard at some length and a great deal of evidence was taken from witnesses on both sides, the case occupying the greater portion of the day and being adjourned until this morning for further consideration by the Bench and counsel engaged.

CABDRIVER'S ASSAULT.

In the Supreme Court, Patrick M'Alee.

The matter came before the Court yesterday when the proceedings were heard at some length and a great deal of evidence was taken from witnesses on both sides, the case occupying the greater portion of the day and being adjourned until this morning for further consideration by the Bench and counsel engaged. The matter came before the Court yesterday when the proceedings were heard at some length and a great deal of evidence was taken from witnesses on both sides, the case occupying the greater portion of the day and being adjourned until this morning for further consideration by the Bench and counsel engaged.

ACQUITTED.

At the Supreme Court to-day, before his Honour the Chief Justice.

The matter came before the Court yesterday when the proceedings were heard at some length and a great deal of evidence was taken from witnesses on both sides, the case occupying the greater portion of the day and being adjourned until this morning for further consideration by the Bench and counsel engaged. The matter came before the Court yesterday when the proceedings were heard at some length and a great deal of evidence was taken from witnesses on both sides, the case occupying the greater portion of the day and being adjourned until this morning for further consideration by the Bench and counsel engaged.

CHILD DIES FROM SCALDS.

A child named Robert Culbertson, aged two years, died from scalds.

The matter came before the Court yesterday when the proceedings were heard at some length and a great deal of evidence was taken from witnesses on both sides, the case occupying the greater portion of the day and being adjourned until this morning for further consideration by the Bench and counsel engaged. The matter came before the Court yesterday when the proceedings were heard at some length and a great deal of evidence was taken from witnesses on both sides, the case occupying the greater portion of the day and being adjourned until this morning for further consideration by the Bench and counsel engaged.

INVERCARGILL'S PROGRESS.

A very interesting and satisfactory return of the money values.

The matter came before the Court yesterday when the proceedings were heard at some length and a great deal of evidence was taken from witnesses on both sides, the case occupying the greater portion of the day and being adjourned until this morning for further consideration by the Bench and counsel engaged. The matter came before the Court yesterday when the proceedings were heard at some length and a great deal of evidence was taken from witnesses on both sides, the case occupying the greater portion of the day and being adjourned until this morning for further consideration by the Bench and counsel engaged.

DEATH FROM ALCOHOLISM.

An inquest was held at Leeston.

The matter came before the Court yesterday when the proceedings were heard at some length and a great deal of evidence was taken from witnesses on both sides, the case occupying the greater portion of the day and being adjourned until this morning for further consideration by the Bench and counsel engaged. The matter came before the Court yesterday when the proceedings were heard at some length and a great deal of evidence was taken from witnesses on both sides, the case occupying the greater portion of the day and being adjourned until this morning for further consideration by the Bench and counsel engaged.

SELLING A FOOTBALLER.

The New Zealand Rugby League has effected a rule.

The matter came before the Court yesterday when the proceedings were heard at some length and a great deal of evidence was taken from witnesses on both sides, the case occupying the greater portion of the day and being adjourned until this morning for further consideration by the Bench and counsel engaged. The matter came before the Court yesterday when the proceedings were heard at some length and a great deal of evidence was taken from witnesses on both sides, the case occupying the greater portion of the day and being adjourned until this morning for further consideration by the Bench and counsel engaged.

IRONSAND.

A start has at last been made.

The matter came before the Court yesterday when the proceedings were heard at some length and a great deal of evidence was taken from witnesses on both sides, the case occupying the greater portion of the day and being adjourned until this morning for further consideration by the Bench and counsel engaged. The matter came before the Court yesterday when the proceedings were heard at some length and a great deal of evidence was taken from witnesses on both sides, the case occupying the greater portion of the day and being adjourned until this morning for further consideration by the Bench and counsel engaged.

SCHOOLS' PICNIC.

The combined schools' picnic was the largest on record here.

The matter came before the Court yesterday when the proceedings were heard at some length and a great deal of evidence was taken from witnesses on both sides, the case occupying the greater portion of the day and being adjourned until this morning for further consideration by the Bench and counsel engaged. The matter came before the Court yesterday when the proceedings were heard at some length and a great deal of evidence was taken from witnesses on both sides, the case occupying the greater portion of the day and being adjourned until this morning for further consideration by the Bench and counsel engaged.

RIFLE SHOOTING.
NGATIAWA CLUB.

The first competition for Mr. Byron Brown's trophy was fired on Saturday.

The matter came before the Court yesterday when the proceedings were heard at some length and a great deal of evidence was taken from witnesses on both sides, the case occupying the greater portion of the day and being adjourned until this morning for further consideration by the Bench and counsel engaged. The matter came before the Court yesterday when the proceedings were heard at some length and a great deal of evidence was taken from witnesses on both sides, the case occupying the greater portion of the day and being adjourned until this morning for further consideration by the Bench and counsel engaged.

The matter came before the Court yesterday when the proceedings were heard at some length and a great deal of evidence was taken from witnesses on both sides, the case occupying the greater portion of the day and being adjourned until this morning for further consideration by the Bench and counsel engaged. The matter came before the Court yesterday when the proceedings were heard at some length and a great deal of evidence was taken from witnesses on both sides, the case occupying the greater portion of the day and being adjourned until this morning for further consideration by the Bench and counsel engaged. The matter came before the Court yesterday when the proceedings were heard at some length and a great deal of evidence was taken from witnesses on both sides, the case occupying the greater portion of the day and being adjourned until this morning for further consideration by the Bench and counsel engaged. The matter came before the Court yesterday when the proceedings were heard at some length and a great deal of evidence was taken from witnesses on both sides, the case occupying the greater portion of the day and being adjourned until this morning for further consideration by the Bench and counsel engaged. The matter came before the Court yesterday when the proceedings were heard at some length and a great deal of evidence was taken from witnesses on both sides, the case occupying the greater portion of the day and being adjourned until this morning for further consideration by the Bench and counsel engaged. The matter came before the Court yesterday when the proceedings were heard at some length and a great deal of evidence was taken from witnesses on both sides, the case occupying the greater portion of the day and being adjourned until this morning for further consideration by the Bench and counsel engaged. The matter came before the Court yesterday when the proceedings were heard at some length and a great deal of evidence was taken from witnesses on both sides, the case occupying the greater portion of the day and being adjourned until this morning for further consideration by the Bench and counsel engaged. The matter came before the Court yesterday when the proceedings were heard at some length and a great deal of evidence was taken from witnesses on both sides, the case occupying the greater portion of the day and being adjourned until this morning for further consideration by the Bench and counsel engaged. The matter came before the Court yesterday when the proceedings were heard at some length and a great deal of evidence was taken from witnesses on both sides, the case occupying the greater portion of the day and being adjourned until this morning for further consideration by the Bench and counsel engaged. The matter came before the Court yesterday when the proceedings were heard at some length and a great deal of evidence was taken from witnesses on both sides, the case occupying the greater portion of the day and being adjourned until this morning for further consideration by the Bench and counsel engaged. The matter came before the Court yesterday when the proceedings were heard at some length and a great deal of evidence was taken from witnesses on both sides, the case occupying the greater
